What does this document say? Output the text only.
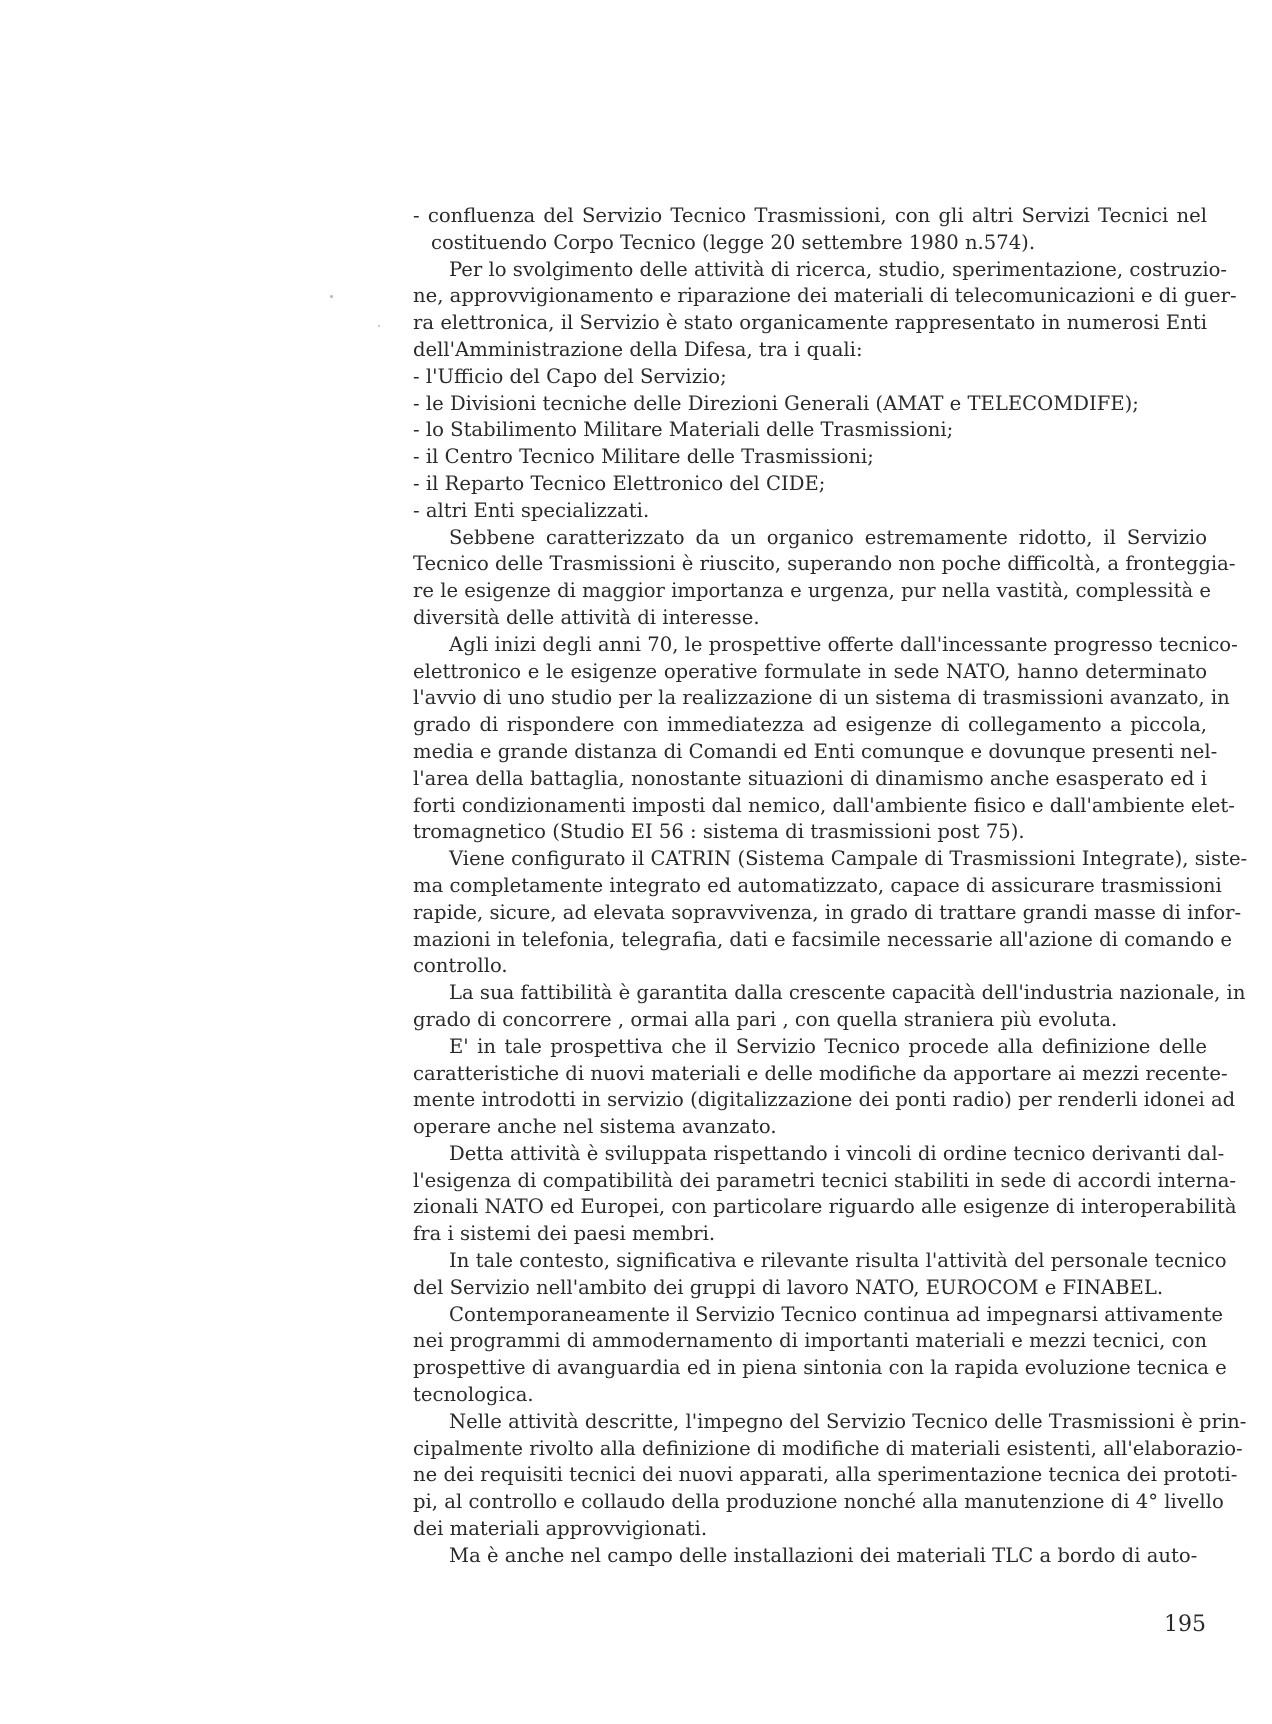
- confluenza del Servizio Tecnico Trasmissioni, con gli altri Servizi Tecnici nel
costituendo Corpo Tecnico (legge 20 settembre 1980 n.574).
Per lo svolgimento delle attività di ricerca, studio, sperimentazione, costruzio-
ne, approvvigionamento e riparazione dei materiali di telecomunicazioni e di guer-
ra elettronica, il Servizio è stato organicamente rappresentato in numerosi Enti
dell'Amministrazione della Difesa, tra i quali:
- l'Ufficio del Capo del Servizio;
- le Divisioni tecniche delle Direzioni Generali (AMAT e TELECOMDIFE);
- lo Stabilimento Militare Materiali delle Trasmissioni;
- il Centro Tecnico Militare delle Trasmissioni;
- il Reparto Tecnico Elettronico del CIDE;
- altri Enti specializzati.
Sebbene caratterizzato da un organico estremamente ridotto, il Servizio
Tecnico delle Trasmissioni è riuscito, superando non poche difficoltà, a fronteggia-
re le esigenze di maggior importanza e urgenza, pur nella vastità, complessità e
diversità delle attività di interesse.
Agli inizi degli anni 70, le prospettive offerte dall'incessante progresso tecnico-
elettronico e le esigenze operative formulate in sede NATO, hanno determinato
l'avvio di uno studio per la realizzazione di un sistema di trasmissioni avanzato, in
grado di rispondere con immediatezza ad esigenze di collegamento a piccola,
media e grande distanza di Comandi ed Enti comunque e dovunque presenti nel-
l'area della battaglia, nonostante situazioni di dinamismo anche esasperato ed i
forti condizionamenti imposti dal nemico, dall'ambiente fisico e dall'ambiente elet-
tromagnetico (Studio EI 56 : sistema di trasmissioni post 75).
Viene configurato il CATRIN (Sistema Campale di Trasmissioni Integrate), siste-
ma completamente integrato ed automatizzato, capace di assicurare trasmissioni
rapide, sicure, ad elevata sopravvivenza, in grado di trattare grandi masse di infor-
mazioni in telefonia, telegrafia, dati e facsimile necessarie all'azione di comando e
controllo.
La sua fattibilità è garantita dalla crescente capacità dell'industria nazionale, in
grado di concorrere , ormai alla pari , con quella straniera più evoluta.
E' in tale prospettiva che il Servizio Tecnico procede alla definizione delle
caratteristiche di nuovi materiali e delle modifiche da apportare ai mezzi recente-
mente introdotti in servizio (digitalizzazione dei ponti radio) per renderli idonei ad
operare anche nel sistema avanzato.
Detta attività è sviluppata rispettando i vincoli di ordine tecnico derivanti dal-
l'esigenza di compatibilità dei parametri tecnici stabiliti in sede di accordi interna-
zionali NATO ed Europei, con particolare riguardo alle esigenze di interoperabilità
fra i sistemi dei paesi membri.
In tale contesto, significativa e rilevante risulta l'attività del personale tecnico
del Servizio nell'ambito dei gruppi di lavoro NATO, EUROCOM e FINABEL.
Contemporaneamente il Servizio Tecnico continua ad impegnarsi attivamente
nei programmi di ammodernamento di importanti materiali e mezzi tecnici, con
prospettive di avanguardia ed in piena sintonia con la rapida evoluzione tecnica e
tecnologica.
Nelle attività descritte, l'impegno del Servizio Tecnico delle Trasmissioni è prin-
cipalmente rivolto alla definizione di modifiche di materiali esistenti, all'elaborazio-
ne dei requisiti tecnici dei nuovi apparati, alla sperimentazione tecnica dei prototi-
pi, al controllo e collaudo della produzione nonché alla manutenzione di 4° livello
dei materiali approvvigionati.
Ma è anche nel campo delle installazioni dei materiali TLC a bordo di auto-
195
